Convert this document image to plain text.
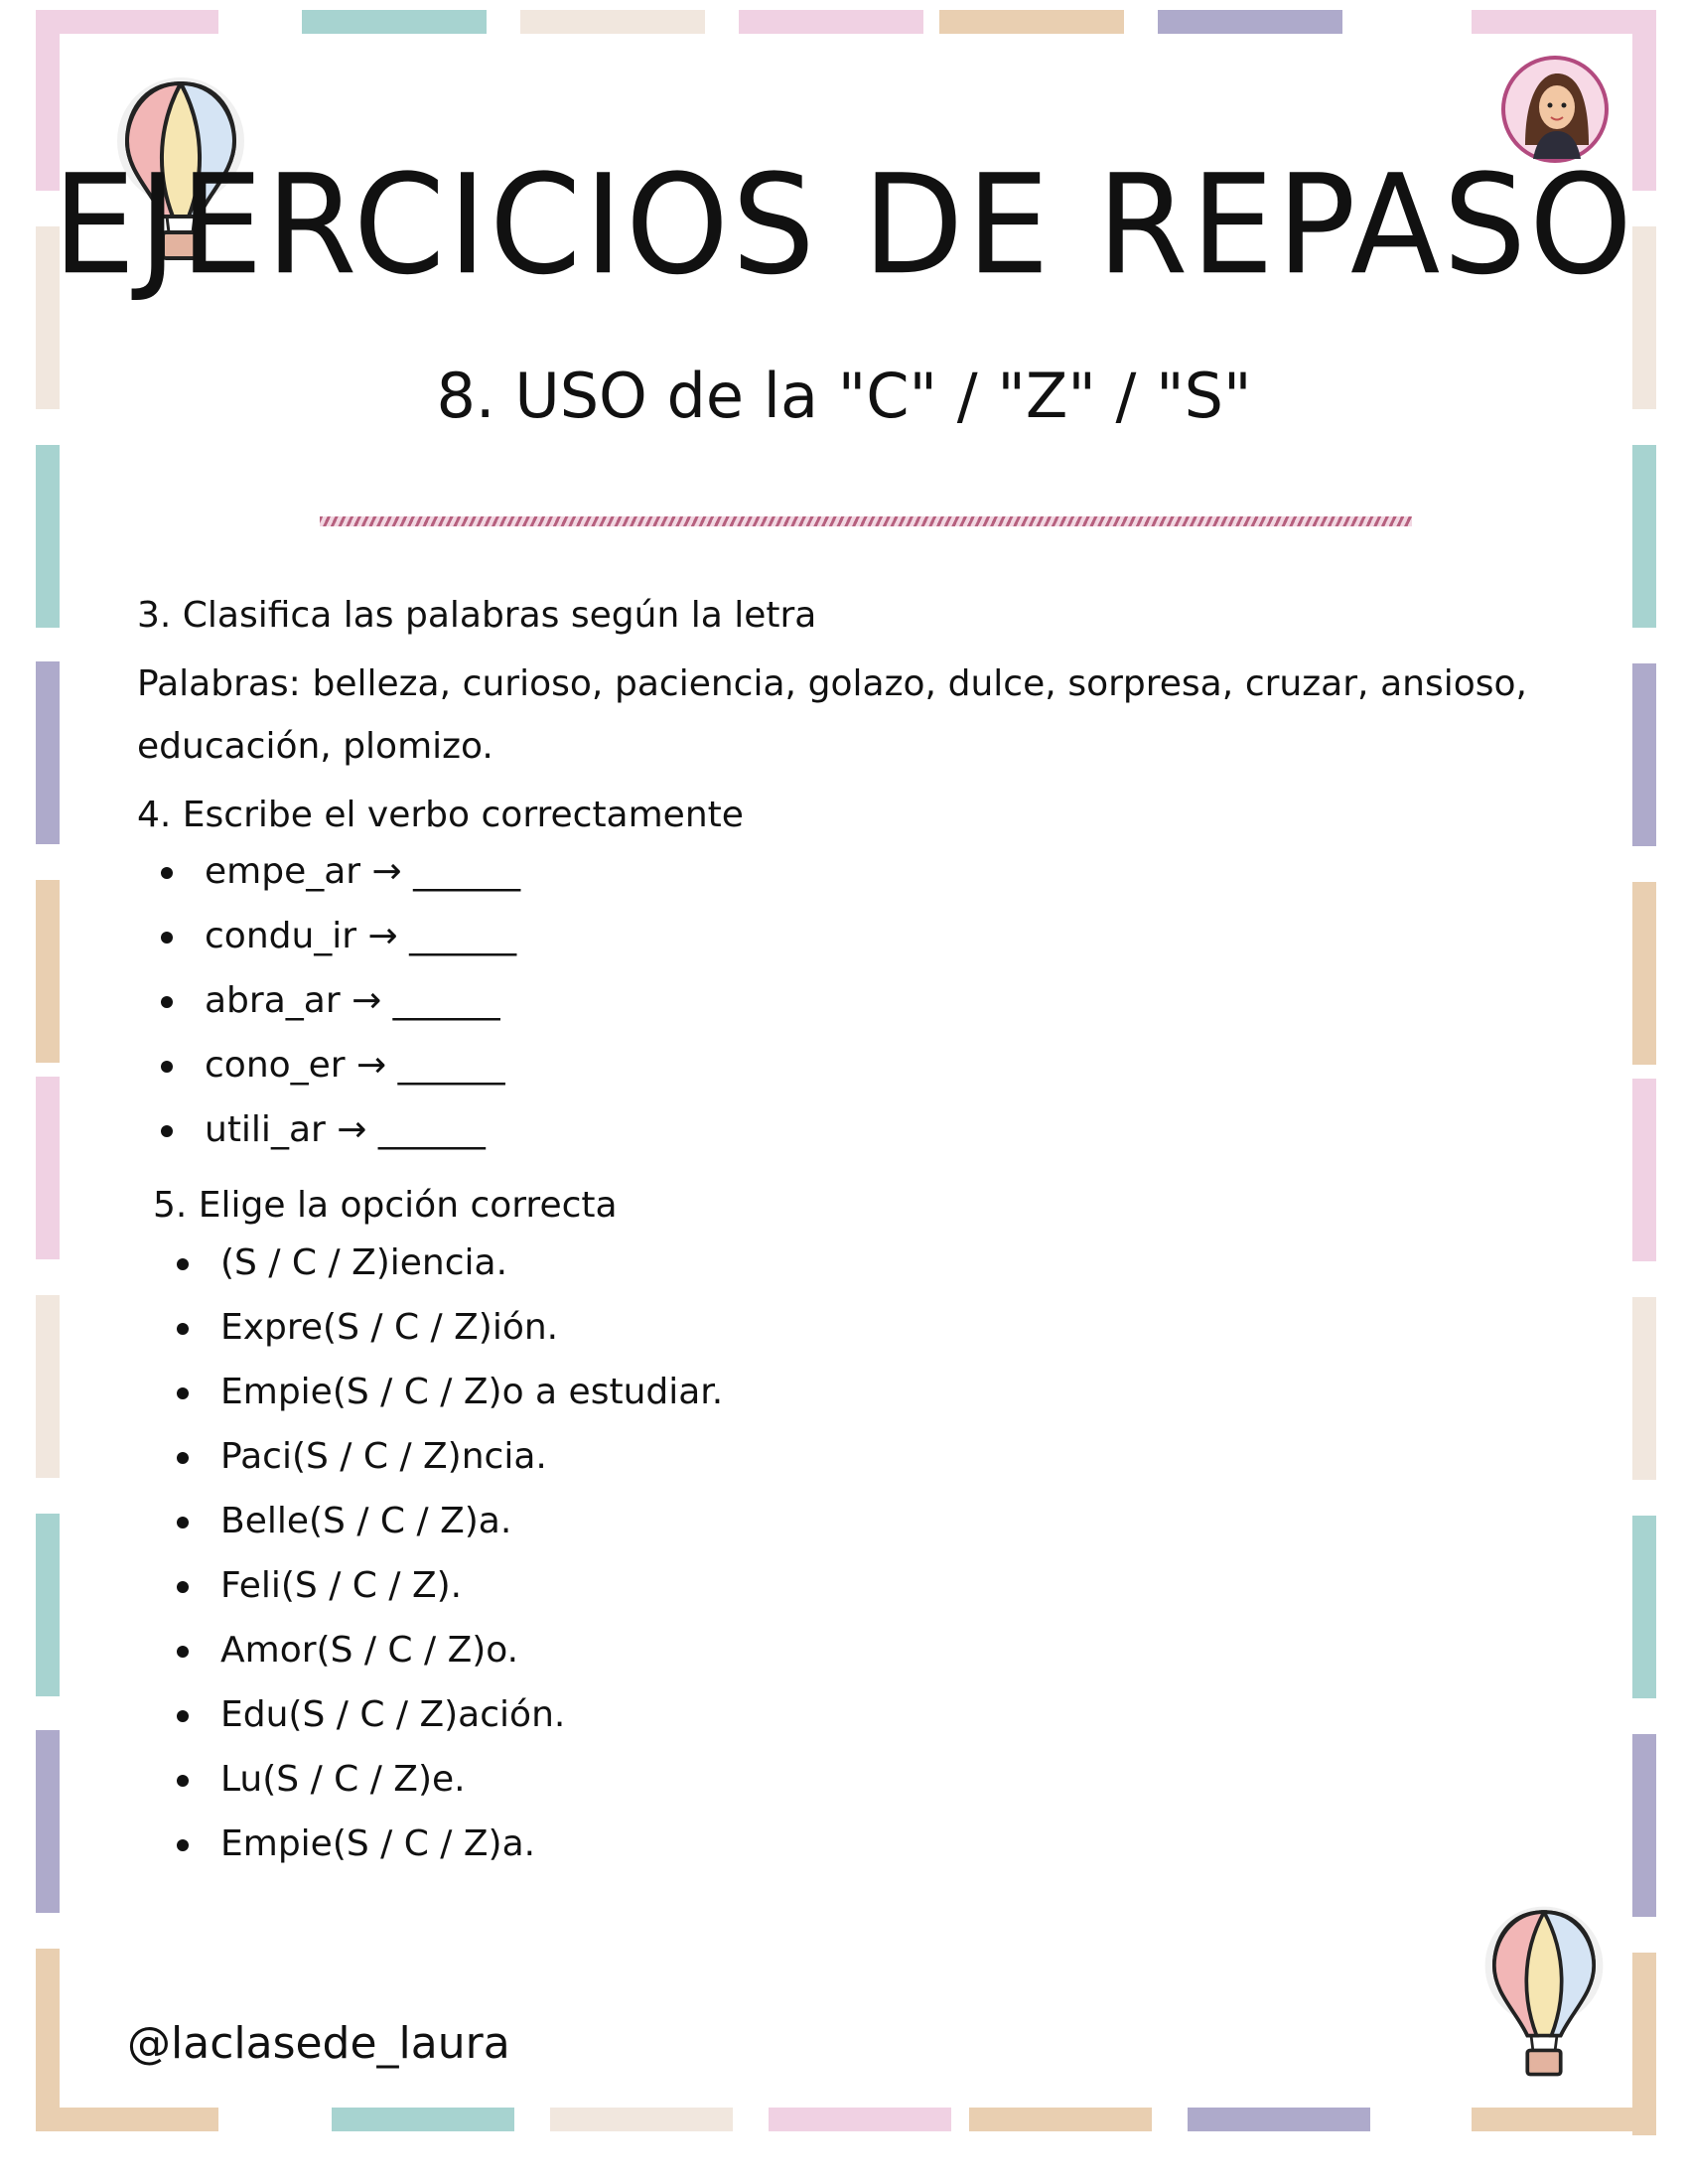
EJERCICIOS DE REPASO
8. USO de la "C" / "Z" / "S"
3. Clasifica las palabras según la letra
Palabras: belleza, curioso, paciencia, golazo, dulce, sorpresa, cruzar, ansioso, educación, plomizo.
4. Escribe el verbo correctamente
empe_ar → ______
condu_ir → ______
abra_ar → ______
cono_er → ______
utili_ar → ______
5. Elige la opción correcta
(S / C / Z)iencia.
Expre(S / C / Z)ión.
Empie(S / C / Z)o a estudiar.
Paci(S / C / Z)ncia.
Belle(S / C / Z)a.
Feli(S / C / Z).
Amor(S / C / Z)o.
Edu(S / C / Z)ación.
Lu(S / C / Z)e.
Empie(S / C / Z)a.
@laclasede_laura
